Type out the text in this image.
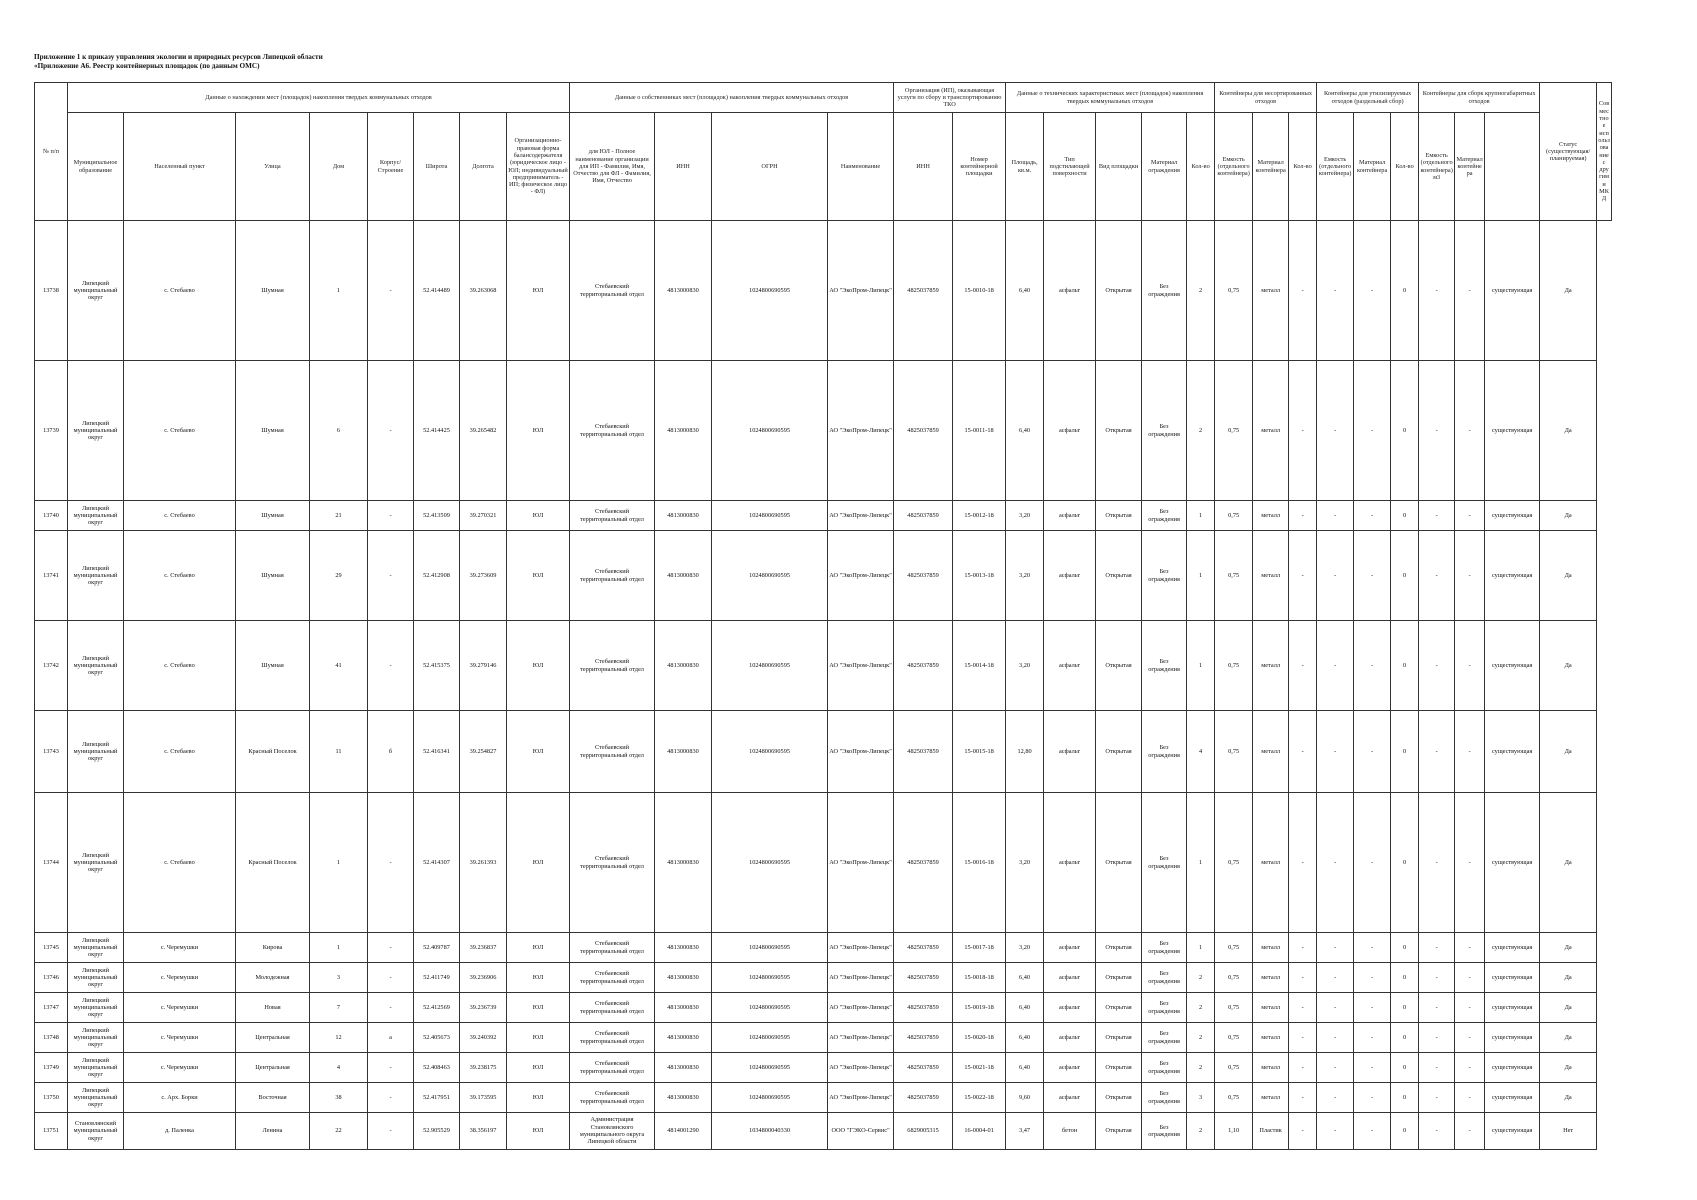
Приложение 1 к приказу управления экологии и природных ресурсов Липецкой области
«Приложение А6. Реестр контейнерных площадок (по данным ОМС)
№ п/п	Данные о нахождении мест (площадок) накопления твердых коммунальных отходов								Данные о собственниках мест (площадок) накопления твердых коммунальных отходов				Организация (ИП), оказывающая услуги по сбору и транспортированию ТКО		Данные о технических характеристиках мест (площадок) накопления твердых коммунальных отходов					Контейнеры для несортированных отходов			Контейнеры для утилизируемых отходов (раздельный сбор)			Контейнеры для сборк крупногабаритных отходов			Статус (существующая/ планируемая)	Совместное использование с другими МКД
	Муниципальное образование	Населенный пункт	Улица	Дом	Корпус/Строение	Широта	Долгота	Организационно-правовая форма балансодержателя (юридическое лицо - ЮЛ; индивидуальный предприниматель - ИП; физическое лицо - ФЛ)	для ЮЛ - Полное наименование организации для ИП - Фамилия, Имя, Отчество для ФЛ - Фамилия, Имя, Отчество	ИНН	ОГРН	Наименование	ИНН	Номер контейнерной площадки	Площадь, кв.м.	Тип подстилающей поверхности	Вид площадки	Материал ограждения	Кол-во	Емкость (отдельного контейнера)	Материал контейнера	Кол-во	Емкость (отдельного контейнера)	Материал контейнера	Кол-во	Емкость (отдельного контейнера) м3	Материал контейнера			
13738	Липецкий муниципальный округ	с. Стебаево	Шумная	1	-	52.414489	39.263068	ЮЛ	Стебаевский территориальный отдел	4813000830	1024800690595	АО "ЭкоПром-Липецк"	4825037859	15-0010-18	6,40	асфальт	Открытая	Без ограждения	2	0,75	металл	-	-	-	0	-	-	существующая	Да	
13739	Липецкий муниципальный округ	с. Стебаево	Шумная	6	-	52.414425	39.265482	ЮЛ	Стебаевский территориальный отдел	4813000830	1024800690595	АО "ЭкоПром-Липецк"	4825037859	15-0011-18	6,40	асфальт	Открытая	Без ограждения	2	0,75	металл	-	-	-	0	-	-	существующая	Да	
13740	Липецкий муниципальный округ	с. Стебаево	Шумная	21	-	52.413509	39.270321	ЮЛ	Стебаевский территориальный отдел	4813000830	1024800690595	АО "ЭкоПром-Липецк"	4825037859	15-0012-18	3,20	асфальт	Открытая	Без ограждения	1	0,75	металл	-	-	-	0	-	-	существующая	Да	
13741	Липецкий муниципальный округ	с. Стебаево	Шумная	29	-	52.412908	39.273609	ЮЛ	Стебаевский территориальный отдел	4813000830	1024800690595	АО "ЭкоПром-Липецк"	4825037859	15-0013-18	3,20	асфальт	Открытая	Без ограждения	1	0,75	металл	-	-	-	0	-	-	существующая	Да	
13742	Липецкий муниципальный округ	с. Стебаево	Шумная	41	-	52.415375	39.279146	ЮЛ	Стебаевский территориальный отдел	4813000830	1024800690595	АО "ЭкоПром-Липецк"	4825037859	15-0014-18	3,20	асфальт	Открытая	Без ограждения	1	0,75	металл	-	-	-	0	-	-	существующая	Да	
13743	Липецкий муниципальный округ	с. Стебаево	Красный Поселок	11	б	52.416341	39.254827	ЮЛ	Стебаевский территориальный отдел	4813000830	1024800690595	АО "ЭкоПром-Липецк"	4825037859	15-0015-18	12,80	асфальт	Открытая	Без ограждения	4	0,75	металл	-	-	-	0	-	-	существующая	Да	
13744	Липецкий муниципальный округ	с. Стебаево	Красный Поселок	1	-	52.414307	39.261393	ЮЛ	Стебаевский территориальный отдел	4813000830	1024800690595	АО "ЭкоПром-Липецк"	4825037859	15-0016-18	3,20	асфальт	Открытая	Без ограждения	1	0,75	металл	-	-	-	0	-	-	существующая	Да	
13745	Липецкий муниципальный округ	с. Черемушки	Кирова	1	-	52.409787	39.236837	ЮЛ	Стебаевский территориальный отдел	4813000830	1024800690595	АО "ЭкоПром-Липецк"	4825037859	15-0017-18	3,20	асфальт	Открытая	Без ограждения	1	0,75	металл	-	-	-	0	-	-	существующая	Да	
13746	Липецкий муниципальный округ	с. Черемушки	Молодежная	3	-	52.411749	39.236906	ЮЛ	Стебаевский территориальный отдел	4813000830	1024800690595	АО "ЭкоПром-Липецк"	4825037859	15-0018-18	6,40	асфальт	Открытая	Без ограждения	2	0,75	металл	-	-	-	0	-	-	существующая	Да	
13747	Липецкий муниципальный округ	с. Черемушки	Новая	7	-	52.412569	39.236739	ЮЛ	Стебаевский территориальный отдел	4813000830	1024800690595	АО "ЭкоПром-Липецк"	4825037859	15-0019-18	6,40	асфальт	Открытая	Без ограждения	2	0,75	металл	-	-	-	0	-	-	существующая	Да	
13748	Липецкий муниципальный округ	с. Черемушки	Центральная	12	а	52.405673	39.240392	ЮЛ	Стебаевский территориальный отдел	4813000830	1024800690595	АО "ЭкоПром-Липецк"	4825037859	15-0020-18	6,40	асфальт	Открытая	Без ограждения	2	0,75	металл	-	-	-	0	-	-	существующая	Да	
13749	Липецкий муниципальный округ	с. Черемушки	Центральная	4	-	52.408463	39.238175	ЮЛ	Стебаевский территориальный отдел	4813000830	1024800690595	АО "ЭкоПром-Липецк"	4825037859	15-0021-18	6,40	асфальт	Открытая	Без ограждения	2	0,75	металл	-	-	-	0	-	-	существующая	Да	
13750	Липецкий муниципальный округ	с. Арх. Борки	Восточная	38	-	52.417951	39.173595	ЮЛ	Стебаевский территориальный отдел	4813000830	1024800690595	АО "ЭкоПром-Липецк"	4825037859	15-0022-18	9,60	асфальт	Открытая	Без ограждения	3	0,75	металл	-	-	-	0	-	-	существующая	Да	
13751	Становлянский муниципальный округ	д. Паленка	Ленина	22	-	52.905529	38.356197	ЮЛ	Администрация Становлянского муниципального округа Липецкой области	4814001290	1034800040330	ООО "ГЭКО-Сервис"	6829005315	16-0004-01	3,47	бетон	Открытая	Без ограждения	2	1,10	Пластик	-	-	-	0	-	-	существующая	Нет	
